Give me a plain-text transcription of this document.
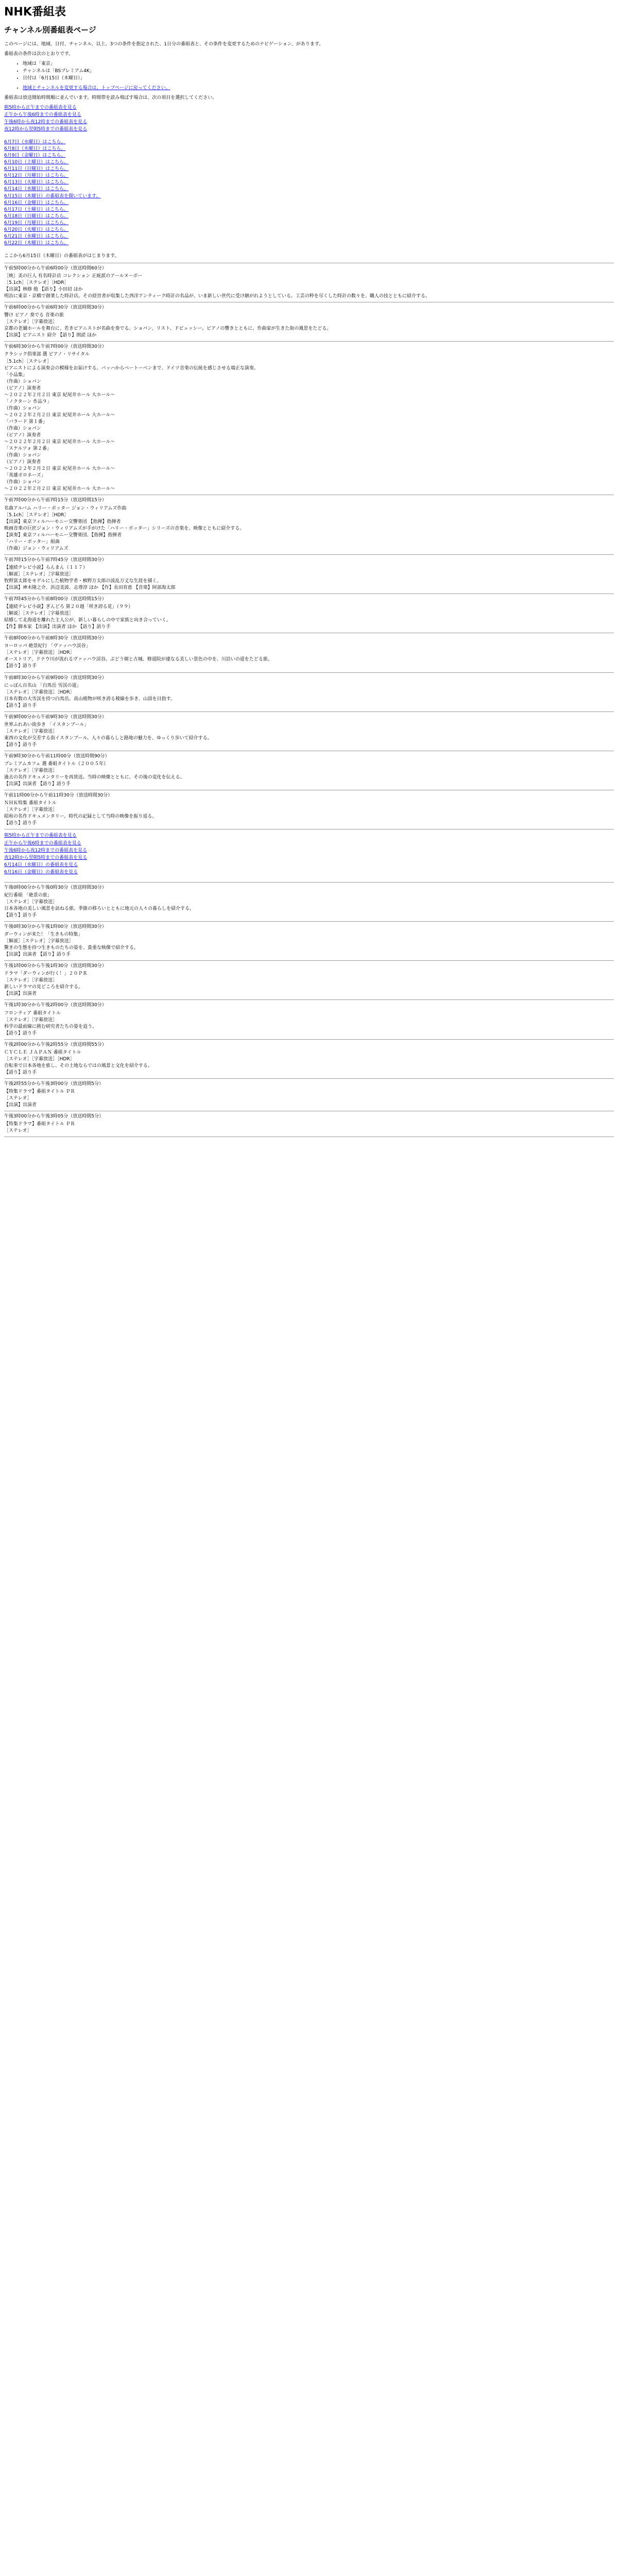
NHK番組表
チャンネル別番組表ページ

このページには、地域、日付、チャンネル、以上、3つの条件を指定された、1日分の番組表と、その条件を変更するためのナビゲーション、があります。

番組表の条件は次のとおりです。

• 地域は「東京」
• チャンネルは「BSプレミアム4K」
• 日付は「6月15日（木曜日）」
• 地域とチャンネルを変更する場合は、トップページに戻ってください。

番組表は放送開始時間順に並んでいます。時間帯を読み飛ばす場合は、次の項目を選択してください。

朝5時から正午までの番組表を見る
正午から午後6時までの番組表を見る
午後6時から夜12時までの番組表を見る
夜12時から翌朝5時までの番組表を見る
6月7日（水曜日）はこちら。
6月8日（木曜日）はこちら。
6月9日（金曜日）はこちら。
6月10日（土曜日）はこちら。
6月11日（日曜日）はこちら。
6月12日（月曜日）はこちら。
6月13日（火曜日）はこちら。
6月14日（水曜日）はこちら。
6月15日（木曜日）の番組表を開いています。
6月16日（金曜日）はこちら。
6月17日（土曜日）はこちら。
6月18日（日曜日）はこちら。
6月19日（月曜日）はこちら。
6月20日（火曜日）はこちら。
6月21日（水曜日）はこちら。
6月22日（木曜日）はこちら。

ここから6月15日（木曜日）の番組表がはじまります。

午前5時00分から午前6時00分（放送時間60分）
［映］美の巨人 有名時計店 コレクション 正統派のアールヌーボー
［5.1ch］［ステレオ］［HDR］
【出演】林修 他 【語り】小田切 ほか
明治に東京・京橋で創業した時計店。その経営者が収集した西洋アンティーク時計の名品が、いま新しい世代に受け継がれようとしている。工芸の粋を尽くした時計の数々を、職人の技とともに紹介する。
午前6時00分から午前6時30分（放送時間30分）
響け ピアノ 奏でる 音楽の旅
［ステレオ］［字幕放送］
京都の老舗ホールを舞台に、若きピアニストが名曲を奏でる。ショパン、リスト、ドビュッシー。ピアノの響きとともに、作曲家が生きた街の風景をたどる。
【出演】ピアニスト 紹介 【語り】朗読 ほか
午前6時30分から午前7時00分（放送時間30分）
クラシック倶楽部 選 ピアノ・リサイタル
［5.1ch］［ステレオ］
ピアニストによる演奏会の模様をお届けする。バッハからベートーベンまで、ドイツ音楽の伝統を感じさせる端正な演奏。
「小品集」
（作曲）ショパン
（ピアノ）演奏者
〜２０２２年２月２日 東京 紀尾井ホール 大ホール〜
「ノクターン 作品９」
（作曲）ショパン
〜２０２２年２月２日 東京 紀尾井ホール 大ホール〜
「バラード 第１番」
（作曲）ショパン
（ピアノ）演奏者
〜２０２２年２月２日 東京 紀尾井ホール 大ホール〜
「スケルツォ 第２番」
（作曲）ショパン
（ピアノ）演奏者
〜２０２２年２月２日 東京 紀尾井ホール 大ホール〜
「英雄ポロネーズ」
（作曲）ショパン
〜２０２２年２月２日 東京 紀尾井ホール 大ホール〜
午前7時00分から午前7時15分（放送時間15分）
名曲アルバム ハリー・ポッター ジョン・ウィリアムズ作曲
［5.1ch］［ステレオ］［HDR］
【出演】東京フィルハーモニー交響楽団 【指揮】指揮者
映画音楽の巨匠ジョン・ウィリアムズが手がけた「ハリー・ポッター」シリーズの音楽を、映像とともに紹介する。
【演奏】東京フィルハーモニー交響楽団、【指揮】指揮者
「ハリー・ポッター」組曲
（作曲）ジョン・ウィリアムズ
午前7時15分から午前7時45分（放送時間30分）
【連続テレビ小説】らんまん（１１７）
［解説］［ステレオ］［字幕放送］
牧野富太郎をモデルにした植物学者・槙野万太郎の波乱万丈な生涯を描く。
【出演】神木隆之介、浜辺美波、志尊淳 ほか 【作】長田育恵 【音楽】阿部海太郎
午前7時45分から午前8時00分（放送時間15分）
【連続テレビ小説】ぎんどろ 第２０週「咲き誇る花」（９９）
［解説］［ステレオ］［字幕放送］
結婚して北海道を離れた主人公が、新しい暮らしの中で家族と向き合っていく。
【作】脚本家 【出演】出演者 ほか 【語り】語り手
午前8時00分から午前8時30分（放送時間30分）
ヨーロッパ 絶景紀行 「ヴァッハウ渓谷」
［ステレオ］［字幕放送］［HDR］
オーストリア、ドナウ川が流れるヴァッハウ渓谷。ぶどう畑と古城、修道院が連なる美しい景色の中を、川沿いの道をたどる旅。
【語り】語り手
午前8時30分から午前9時00分（放送時間30分）
にっぽん百名山 「白馬岳 雪渓の道」
［ステレオ］［字幕放送］［HDR］
日本有数の大雪渓を持つ白馬岳。高山植物が咲き誇る稜線を歩き、山頂を目指す。
【語り】語り手
午前9時00分から午前9時30分（放送時間30分）
世界ふれあい街歩き 「イスタンブール」
［ステレオ］［字幕放送］
東西の文化が交差する街イスタンブール。人々の暮らしと路地の魅力を、ゆっくり歩いて紹介する。
【語り】語り手
午前9時30分から午前11時00分（放送時間90分）
プレミアムカフェ 選 番組タイトル（２００５年）
［ステレオ］［字幕放送］
過去の名作ドキュメンタリーを再放送。当時の映像とともに、その後の変化を伝える。
【出演】出演者 【語り】語り手
午前11時00分から午前11時30分（放送時間30分）
ＮＨＫ特集 番組タイトル
［ステレオ］［字幕放送］
昭和の名作ドキュメンタリー。時代の記録として当時の映像を振り返る。
【語り】語り手
朝5時から正午までの番組表を見る
正午から午後6時までの番組表を見る
午後6時から夜12時までの番組表を見る
夜12時から翌朝5時までの番組表を見る
6月14日（水曜日）の番組表を見る
6月16日（金曜日）の番組表を見る
午後0時00分から午後0時30分（放送時間30分）
紀行番組 「絶景の旅」
［ステレオ］［字幕放送］
日本各地の美しい風景を訪ねる旅。季節の移ろいとともに地元の人々の暮らしを紹介する。
【語り】語り手
午後0時30分から午後1時00分（放送時間30分）
ダーウィンが来た！「生きもの特集」
［解説］［ステレオ］［字幕放送］
驚きの生態を持つ生きものたちの姿を、貴重な映像で紹介する。
【出演】出演者 【語り】語り手
午後1時00分から午後1時30分（放送時間30分）
ドラマ「ダーウィンが行く！」２０ＰＲ
［ステレオ］［字幕放送］
新しいドラマの見どころを紹介する。
【出演】出演者
午後1時30分から午後2時00分（放送時間30分）
フロンティア 番組タイトル
［ステレオ］［字幕放送］
科学の最前線に挑む研究者たちの姿を追う。
【語り】語り手
午後2時00分から午後2時55分（放送時間55分）
ＣＹＣＬＥ ＪＡＰＡＮ 番組タイトル
［ステレオ］［字幕放送］［HDR］
自転車で日本各地を旅し、その土地ならではの風景と文化を紹介する。
【語り】語り手
午後2時55分から午後3時00分（放送時間5分）
【特集ドラマ】番組タイトル ＰＲ
［ステレオ］
【出演】出演者
午後3時00分から午後3時05分（放送時間5分）
【特集ドラマ】番組タイトル ＰＲ
［ステレオ］
